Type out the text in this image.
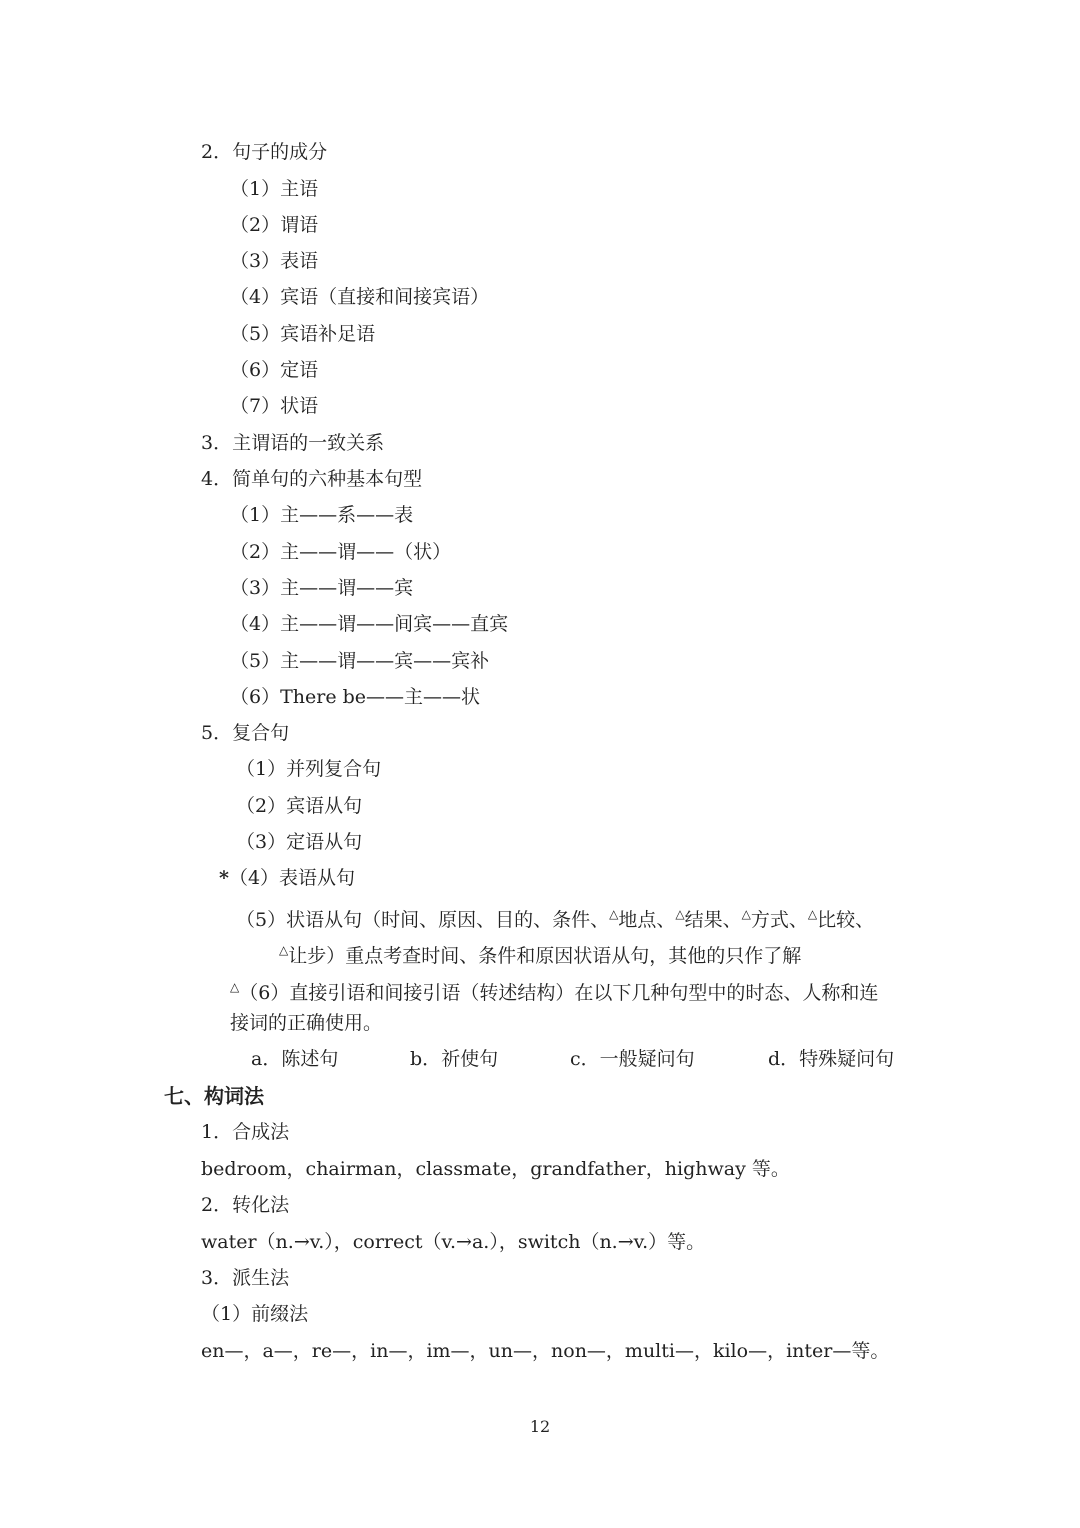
2．句子的成分
（1）主语
（2）谓语
（3）表语
（4）宾语（直接和间接宾语）
（5）宾语补足语
（6）定语
（7）状语
3．主谓语的一致关系
4．简单句的六种基本句型
（1）主——系——表
（2）主——谓——（状）
（3）主——谓——宾
（4）主——谓——间宾——直宾
（5）主——谓——宾——宾补
（6）There be——主——状
5．复合句
（1）并列复合句
（2）宾语从句
（3）定语从句
*（4）表语从句
（5）状语从句（时间、原因、目的、条件、△地点、△结果、△方式、△比较、
△让步）重点考查时间、条件和原因状语从句，其他的只作了解
△（6）直接引语和间接引语（转述结构）在以下几种句型中的时态、人称和连
接词的正确使用。
a．陈述句	b．祈使句	c．一般疑问句	d．特殊疑问句
七、构词法
1．合成法
bedroom，chairman，classmate，grandfather，highway 等。
2．转化法
water（n.→v.），correct（v.→a.），switch（n.→v.）等。
3．派生法
（1）前缀法
en—，a—，re—，in—，im—，un—，non—，multi—，kilo—，inter—等。
12
